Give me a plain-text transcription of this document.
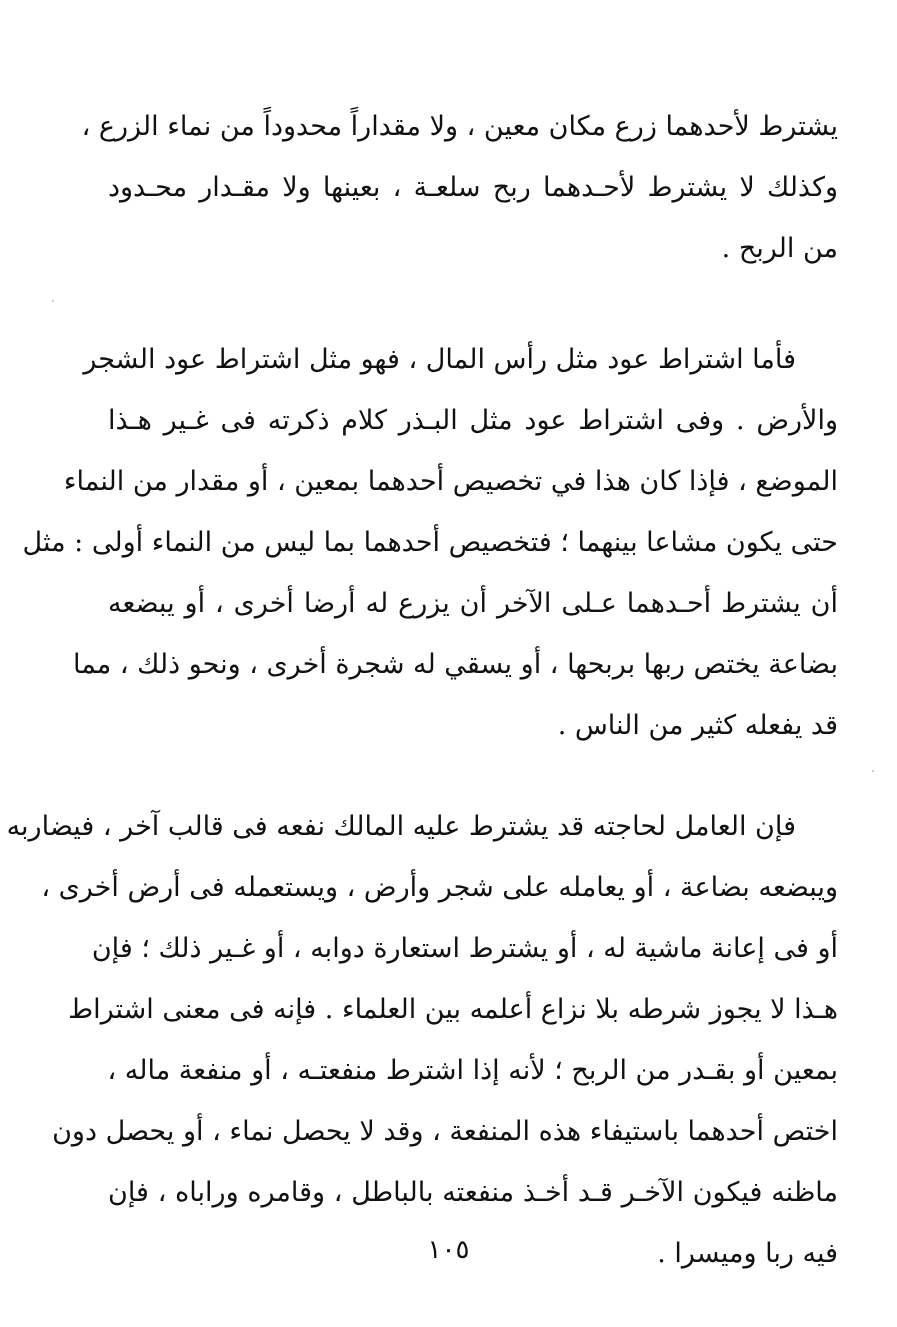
يشترط لأحدهما زرع مكان معين ، ولا مقداراً محدوداً من نماء الزرع ،
وكذلك لا يشترط لأحـدهما ربح سلعـة ، بعينها ولا مقـدار محـدود
من الربح .
فأما اشتراط عود مثل رأس المال ، فهو مثل اشتراط عود الشجر
والأرض . وفى اشتراط عود مثل البـذر كلام ذكرته فى غـير هـذا
الموضع ، فإذا كان هذا في تخصيص أحدهما بمعين ، أو مقدار من النماء
حتى يكون مشاعا بينهما ؛ فتخصيص أحدهما بما ليس من النماء أولى : مثل
أن يشترط أحـدهما عـلى الآخر أن يزرع له أرضا أخرى ، أو يبضعه
بضاعة يختص ربها بربحها ، أو يسقي له شجرة أخرى ، ونحو ذلك ، مما
قد يفعله كثير من الناس .
فإن العامل لحاجته قد يشترط عليه المالك نفعه فى قالب آخر ، فيضاربه
ويبضعه بضاعة ، أو يعامله على شجر وأرض ، ويستعمله فى أرض أخرى ،
أو فى إعانة ماشية له ، أو يشترط استعارة دوابه ، أو غـير ذلك ؛ فإن
هـذا لا يجوز شرطه بلا نزاع أعلمه بين العلماء . فإنه فى معنى اشتراط
بمعين أو بقـدر من الربح ؛ لأنه إذا اشترط منفعتـه ، أو منفعة ماله ،
اختص أحدهما باستيفاء هذه المنفعة ، وقد لا يحصل نماء ، أو يحصل دون
ماظنه فيكون الآخـر قـد أخـذ منفعته بالباطل ، وقامره وراباه ، فإن
فيه ربا وميسرا .
١٠٥
